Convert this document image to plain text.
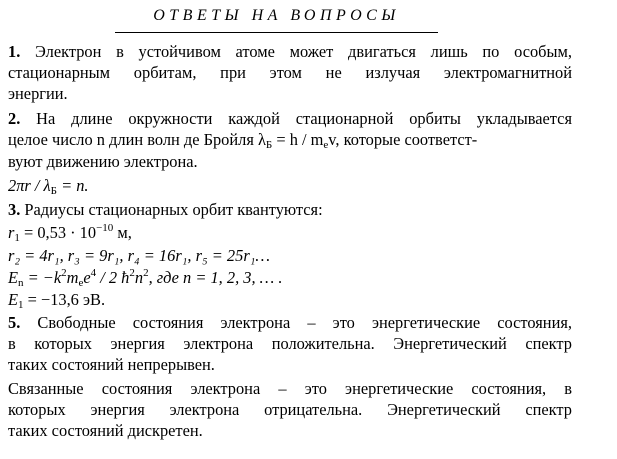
ОТВЕТЫ НА ВОПРОСЫ
1. Электрон в устойчивом атоме может двигаться лишь по особым,
стационарным орбитам, при этом не излучая электромагнитной
энергии.
2. На длине окружности каждой стационарной орбиты укладывается
целое число n длин волн де Бройля $\lambda_Б = h / m_ev$, которые соответст-
вуют движению электрона.
$2\pi r / \lambda_Б = n$.
3. Радиусы стационарных орбит квантуются:
$r_1 = 0,53 \cdot 10^{-10}$ м,
r₂ = 4r₁, r₃ = 9r₁, r₄ = 16r₁, r₅ = 25r₁…
$E_n = -k^2m_ee^4 / 2$ $ħ^2n^2$, где n = 1, 2, 3, … .
$E_1 = -13,6$ эВ.
5. Свободные состояния электрона – это энергетические состояния,
в которых энергия электрона положительна. Энергетический спектр
таких состояний непрерывен.
Связанные состояния электрона – это энергетические состояния, в
которых энергия электрона отрицательна. Энергетический спектр
таких состояний дискретен.
